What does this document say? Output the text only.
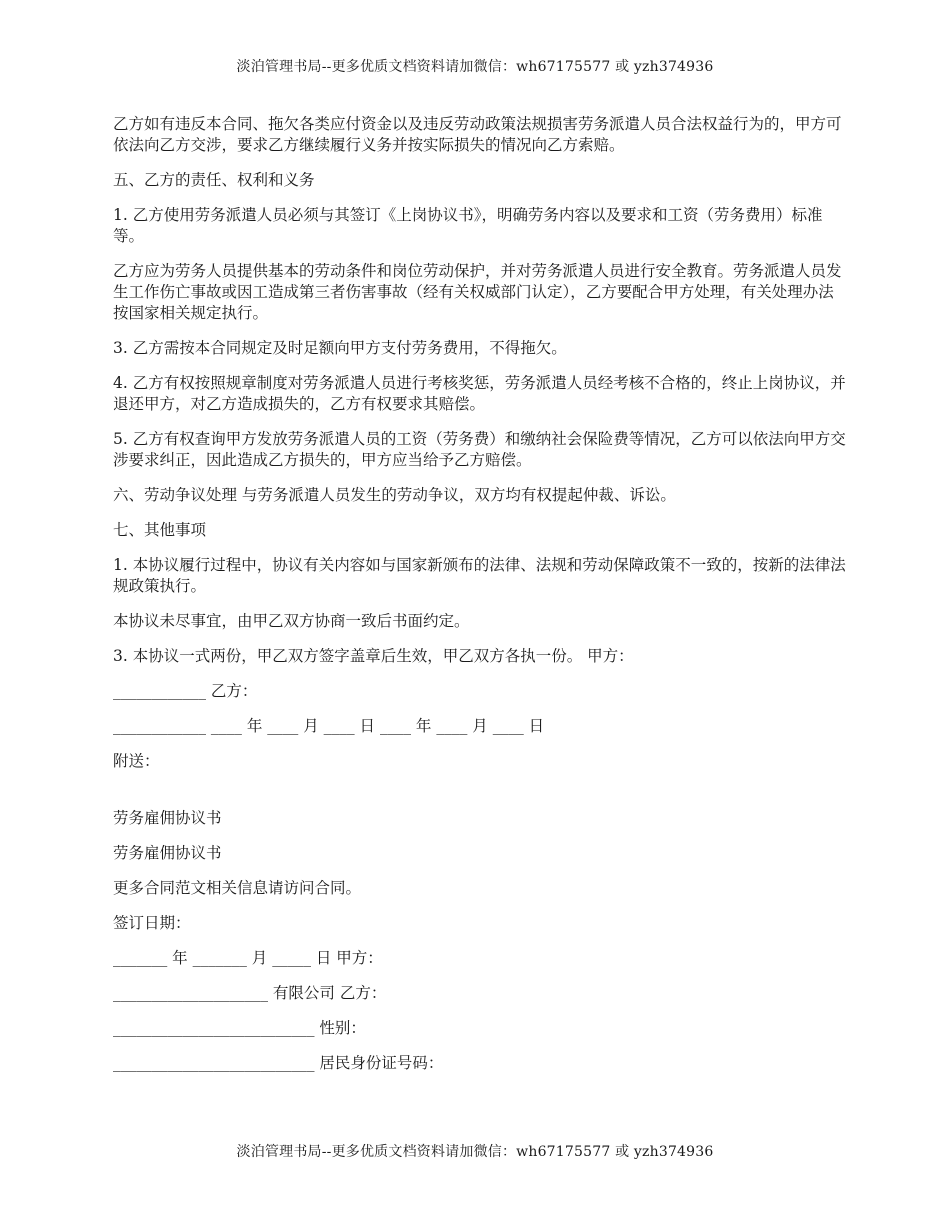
淡泊管理书局--更多优质文档资料请加微信：wh67175577 或 yzh374936

乙方如有违反本合同、拖欠各类应付资金以及违反劳动政策法规损害劳务派遣人员合法权益行为的，甲方可依法向乙方交涉，要求乙方继续履行义务并按实际损失的情况向乙方索赔。

五、乙方的责任、权利和义务

1. 乙方使用劳务派遣人员必须与其签订《上岗协议书》，明确劳务内容以及要求和工资（劳务费用）标准等。

乙方应为劳务人员提供基本的劳动条件和岗位劳动保护，并对劳务派遣人员进行安全教育。劳务派遣人员发生工作伤亡事故或因工造成第三者伤害事故（经有关权威部门认定），乙方要配合甲方处理，有关处理办法按国家相关规定执行。

3. 乙方需按本合同规定及时足额向甲方支付劳务费用，不得拖欠。

4. 乙方有权按照规章制度对劳务派遣人员进行考核奖惩，劳务派遣人员经考核不合格的，终止上岗协议，并退还甲方，对乙方造成损失的，乙方有权要求其赔偿。

5. 乙方有权查询甲方发放劳务派遣人员的工资（劳务费）和缴纳社会保险费等情况，乙方可以依法向甲方交涉要求纠正，因此造成乙方损失的，甲方应当给予乙方赔偿。

六、劳动争议处理 与劳务派遣人员发生的劳动争议，双方均有权提起仲裁、诉讼。

七、其他事项

1. 本协议履行过程中，协议有关内容如与国家新颁布的法律、法规和劳动保障政策不一致的，按新的法律法规政策执行。

本协议未尽事宜，由甲乙双方协商一致后书面约定。

3. 本协议一式两份，甲乙双方签字盖章后生效，甲乙双方各执一份。 甲方：

____________ 乙方：

____________ ____ 年 ____ 月 ____ 日 ____ 年 ____ 月 ____ 日

附送：

劳务雇佣协议书

劳务雇佣协议书

更多合同范文相关信息请访问合同。

签订日期：

_______ 年 _______ 月 _____ 日 甲方：

____________________ 有限公司 乙方：

__________________________ 性别：

__________________________ 居民身份证号码：

淡泊管理书局--更多优质文档资料请加微信：wh67175577 或 yzh374936
